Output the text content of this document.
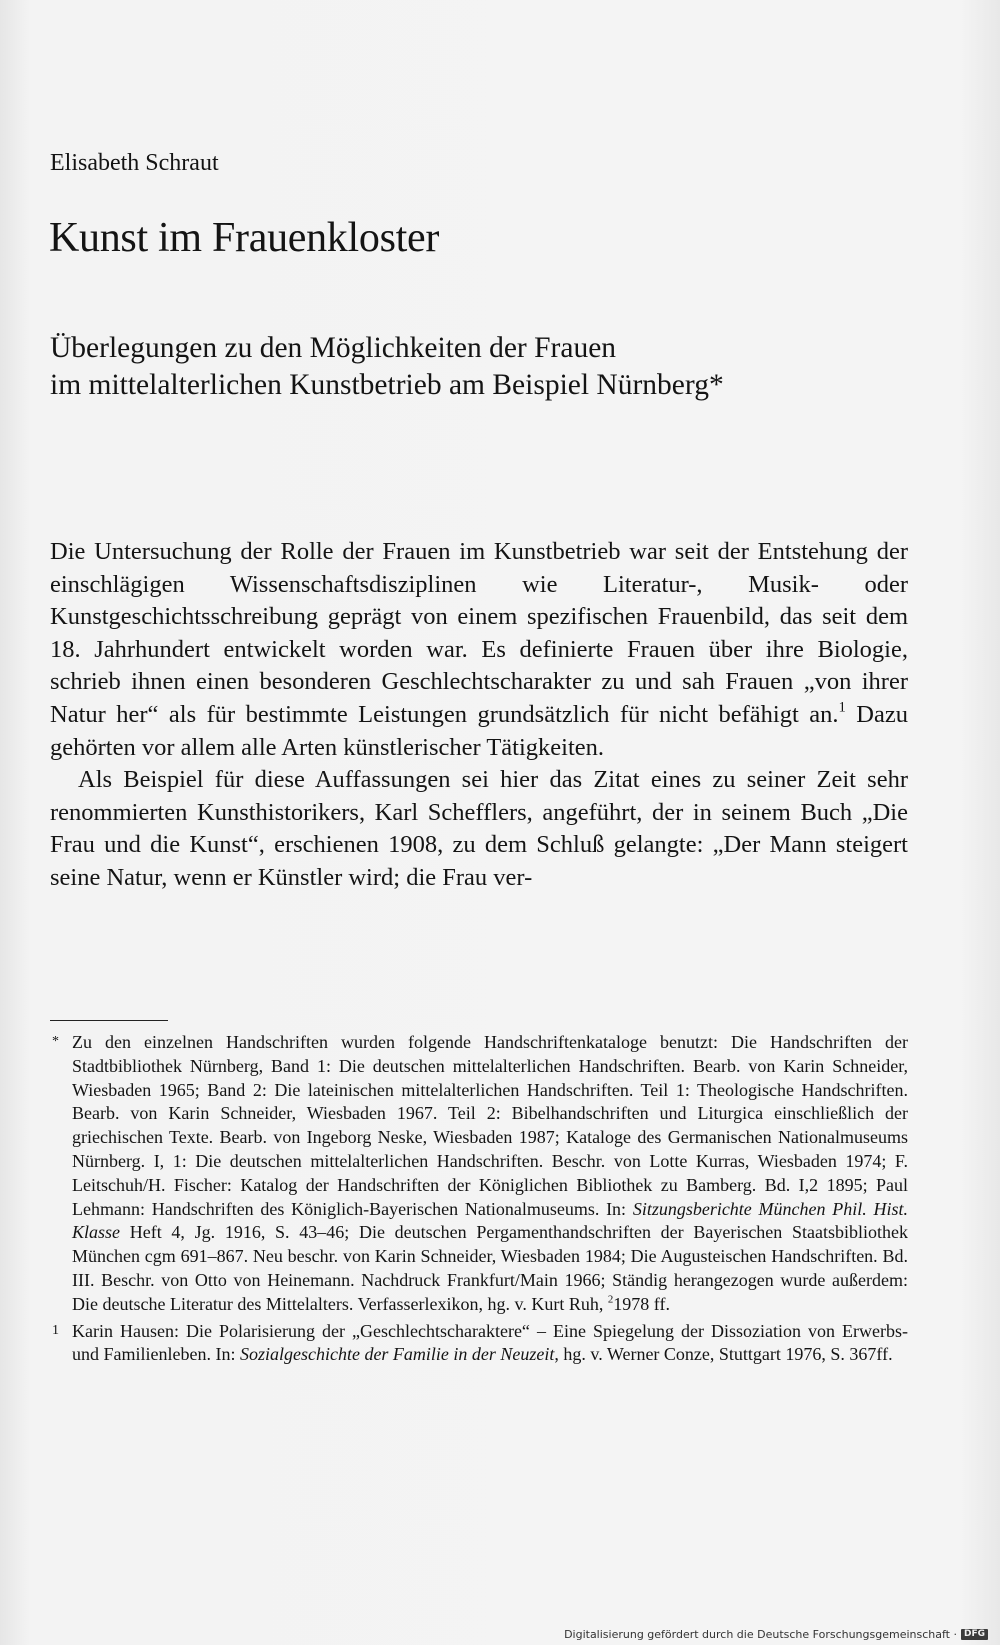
Elisabeth Schraut
Kunst im Frauenkloster
Überlegungen zu den Möglichkeiten der Frauen
im mittelalterlichen Kunstbetrieb am Beispiel Nürnberg*

Die Untersuchung der Rolle der Frauen im Kunstbetrieb war seit der Entstehung der einschlägigen Wissenschaftsdisziplinen wie Literatur-, Musik- oder Kunstgeschichtsschreibung geprägt von einem spezifischen Frauenbild, das seit dem 18. Jahrhundert entwickelt worden war. Es definierte Frauen über ihre Biologie, schrieb ihnen einen besonderen Geschlechtscharakter zu und sah Frauen „von ihrer Natur her“ als für bestimmte Leistungen grundsätzlich für nicht befähigt an.$^1$ Dazu gehörten vor allem alle Arten künstlerischer Tätigkeiten.

Als Beispiel für diese Auffassungen sei hier das Zitat eines zu seiner Zeit sehr renommierten Kunsthistorikers, Karl Schefflers, angeführt, der in seinem Buch „Die Frau und die Kunst“, erschienen 1908, zu dem Schluß gelangte: „Der Mann steigert seine Natur, wenn er Künstler wird; die Frau ver-

* Zu den einzelnen Handschriften wurden folgende Handschriftenkataloge benutzt: Die Handschriften der Stadtbibliothek Nürnberg, Band 1: Die deutschen mittelalterlichen Handschriften. Bearb. von Karin Schneider, Wiesbaden 1965; Band 2: Die lateinischen mittelalterlichen Handschriften. Teil 1: Theologische Handschriften. Bearb. von Karin Schneider, Wiesbaden 1967. Teil 2: Bibelhandschriften und Liturgica einschließlich der griechischen Texte. Bearb. von Ingeborg Neske, Wiesbaden 1987; Kataloge des Germanischen Nationalmuseums Nürnberg. I, 1: Die deutschen mittelalterlichen Handschriften. Beschr. von Lotte Kurras, Wiesbaden 1974; F. Leitschuh/H. Fischer: Katalog der Handschriften der Königlichen Bibliothek zu Bamberg. Bd. I,2 1895; Paul Lehmann: Handschriften des Königlich-Bayerischen Nationalmuseums. In: Sitzungsberichte München Phil. Hist. Klasse Heft 4, Jg. 1916, S. 43–46; Die deutschen Pergamenthandschriften der Bayerischen Staatsbibliothek München cgm 691–867. Neu beschr. von Karin Schneider, Wiesbaden 1984; Die Augusteischen Handschriften. Bd. III. Beschr. von Otto von Heinemann. Nachdruck Frankfurt/Main 1966; Ständig herangezogen wurde außerdem: Die deutsche Literatur des Mittelalters. Verfasserlexikon, hg. v. Kurt Ruh, $^2$1978 ff.
1 Karin Hausen: Die Polarisierung der „Geschlechtscharaktere“ – Eine Spiegelung der Dissoziation von Erwerbs- und Familienleben. In: Sozialgeschichte der Familie in der Neuzeit, hg. v. Werner Conze, Stuttgart 1976, S. 367ff.
Digitalisierung gefördert durch die Deutsche Forschungsgemeinschaft · DFG
